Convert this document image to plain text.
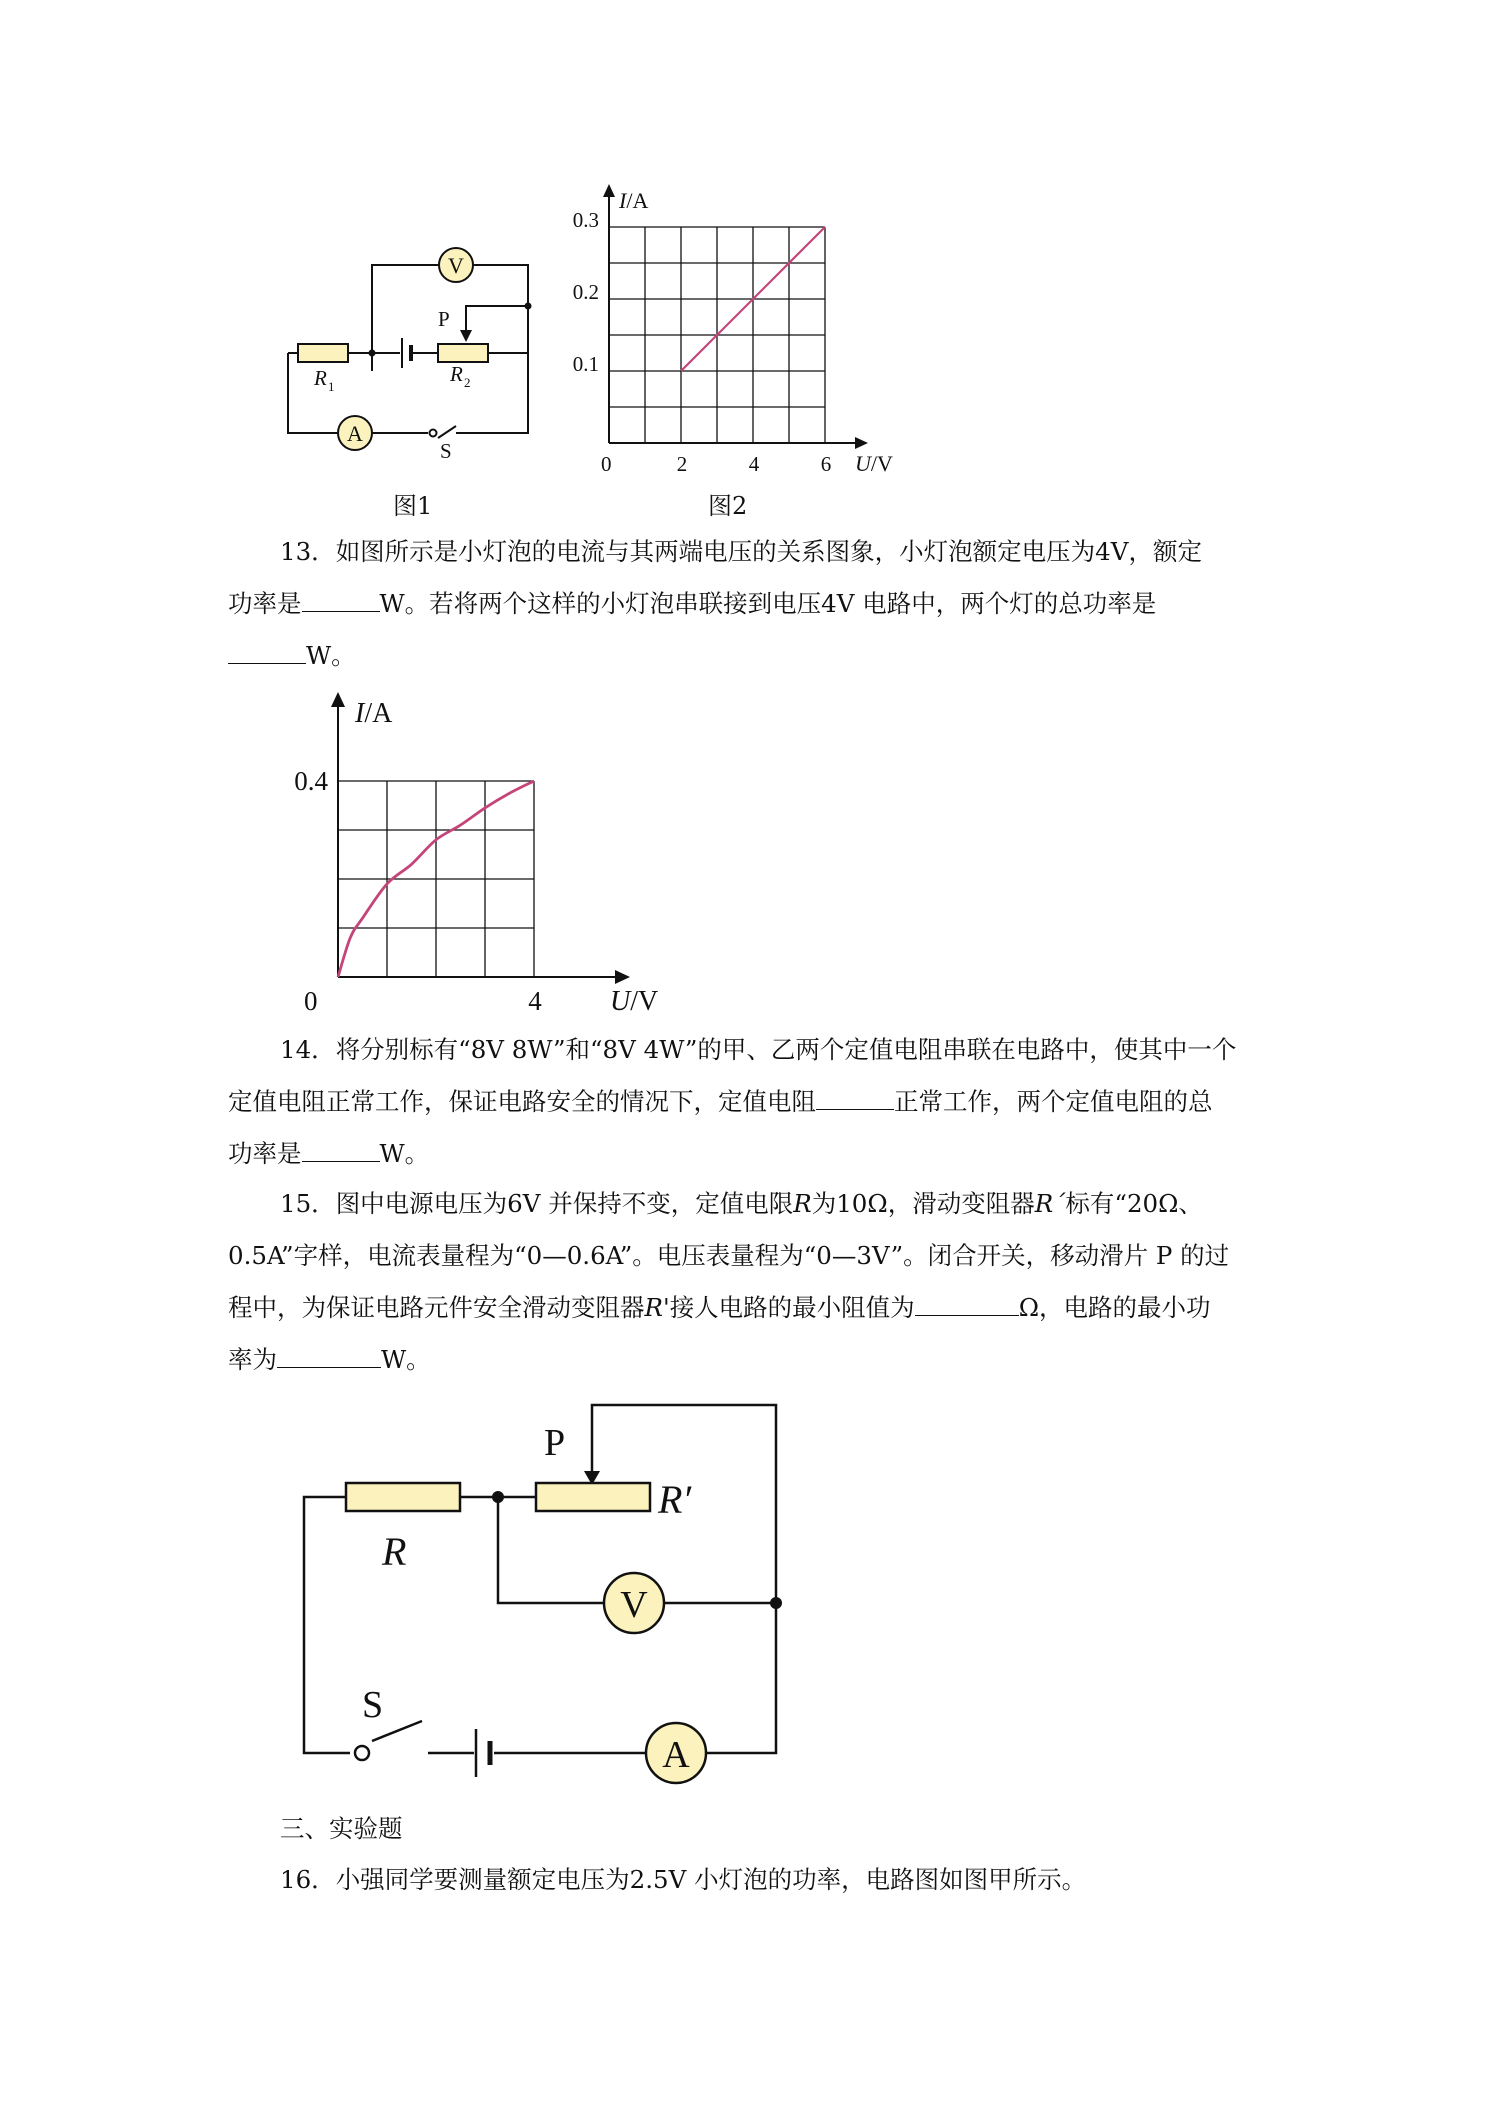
V
A
P
R 1
R 2
S
图1
I/A
U/V
0	2	4	6
0.1
0.2
0.3
图2

13．如图所示是小灯泡的电流与其两端电压的关系图象，小灯泡额定电压为4V，额定
功率是	W。若将两个这样的小灯泡串联接到电压4V 电路中，两个灯的总功率是
W。

I/A
U/V
0	4
0.4

14．将分别标有“8V 8W”和“8V 4W”的甲、乙两个定值电阻串联在电路中，使其中一个
定值电阻正常工作，保证电路安全的情况下，定值电阻	正常工作，两个定值电阻的总
功率是	W。

15．图中电源电压为6V 并保持不变，定值电限R为10Ω，滑动变阻器R´标有“20Ω、
0.5A”字样，电流表量程为“0—0.6A”。电压表量程为“0—3V”。闭合开关，移动滑片 P 的过
程中，为保证电路元件安全滑动变阻器R'接人电路的最小阻值为	Ω，电路的最小功
率为	W。

V
A
P
R′
R
S
三、实验题

16．小强同学要测量额定电压为2.5V 小灯泡的功率，电路图如图甲所示。
